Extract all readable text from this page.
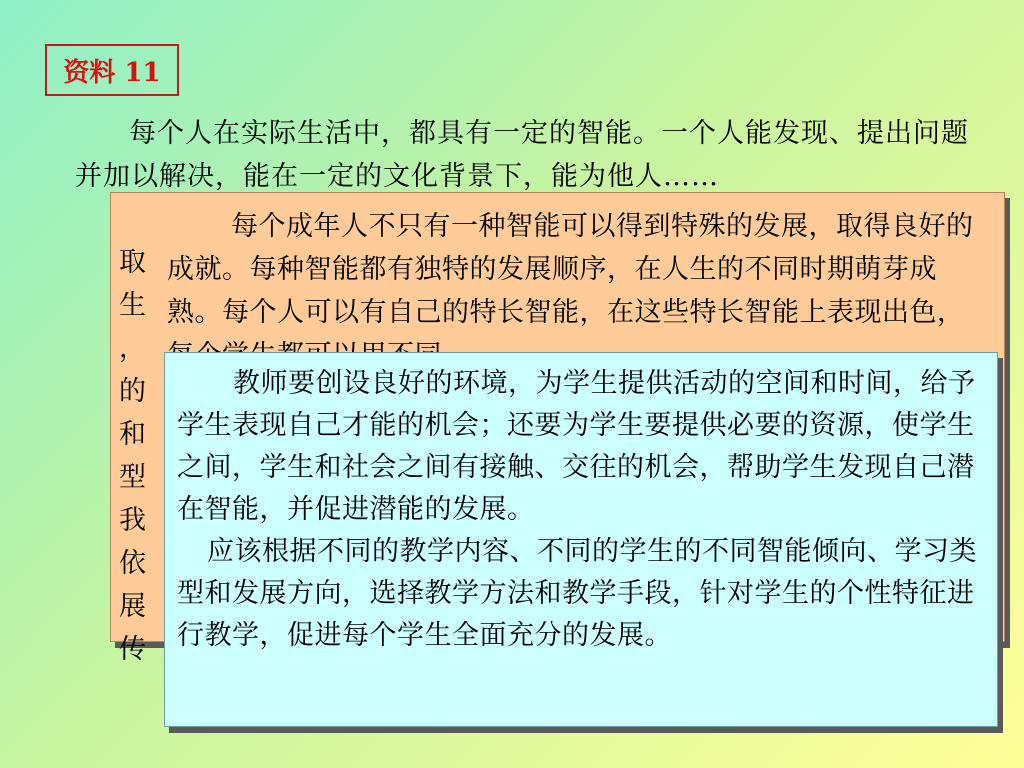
资料 11

每个人在实际生活中，都具有一定的智能。一个人能发现、提出问题并加以解决，能在一定的文化背景下，能为他人……

取
生
，
的
和
型
我
依
展
传

每个成年人不只有一种智能可以得到特殊的发展，取得良好的成就。每种智能都有独特的发展顺序，在人生的不同时期萌芽成熟。每个人可以有自己的特长智能，在这些特长智能上表现出色，

教师要创设良好的环境，为学生提供活动的空间和时间，给予学生表现自己才能的机会；还要为学生要提供必要的资源，使学生之间，学生和社会之间有接触、交往的机会，帮助学生发现自己潜在智能，并促进潜能的发展。

应该根据不同的教学内容、不同的学生的不同智能倾向、学习类型和发展方向，选择教学方法和教学手段，针对学生的个性特征进行教学，促进每个学生全面充分的发展。
